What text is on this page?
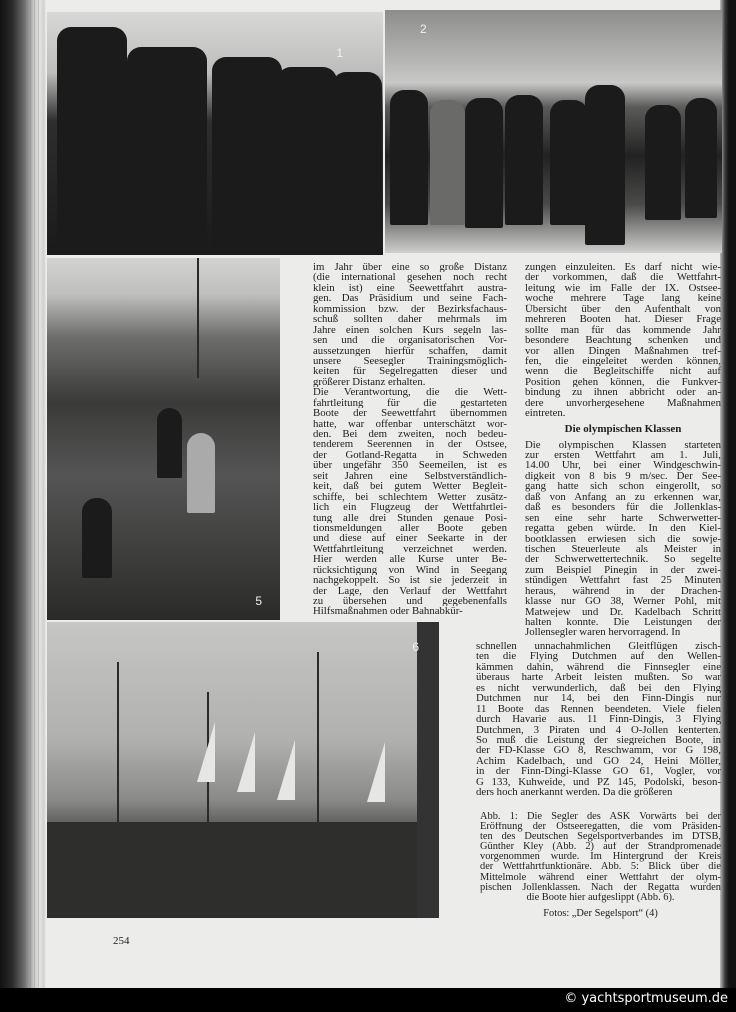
1
2
5
6
im Jahr über eine so große Distanz
(die international gesehen noch recht
klein ist) eine Seewettfahrt austra-
gen. Das Präsidium und seine Fach-
kommission bzw. der Bezirksfachaus-
schuß sollten daher mehrmals im
Jahre einen solchen Kurs segeln las-
sen und die organisatorischen Vor-
aussetzungen hierfür schaffen, damit
unsere Seesegler Trainingsmöglich-
keiten für Segelregatten dieser und
größerer Distanz erhalten.
Die Verantwortung, die die Wett-
fahrtleitung für die gestarteten
Boote der Seewettfahrt übernommen
hatte, war offenbar unterschätzt wor-
den. Bei dem zweiten, noch bedeu-
tenderem Seerennen in der Ostsee,
der Gotland-Regatta in Schweden
über ungefähr 350 Seemeilen, ist es
seit Jahren eine Selbstverständlich-
keit, daß bei gutem Wetter Begleit-
schiffe, bei schlechtem Wetter zusätz-
lich ein Flugzeug der Wettfahrtlei-
tung alle drei Stunden genaue Posi-
tionsmeldungen aller Boote geben
und diese auf einer Seekarte in der
Wettfahrtleitung verzeichnet werden.
Hier werden alle Kurse unter Be-
rücksichtigung von Wind in Seegang
nachgekoppelt. So ist sie jederzeit in
der Lage, den Verlauf der Wettfahrt
zu übersehen und gegebenenfalls
Hilfsmaßnahmen oder Bahnabkür-
zungen einzuleiten. Es darf nicht wie-
der vorkommen, daß die Wettfahrt-
leitung wie im Falle der IX. Ostsee-
woche mehrere Tage lang keine
Übersicht über den Aufenthalt von
mehreren Booten hat. Dieser Frage
sollte man für das kommende Jahr
besondere Beachtung schenken und
vor allen Dingen Maßnahmen tref-
fen, die eingeleitet werden können,
wenn die Begleitschiffe nicht auf
Position gehen können, die Funkver-
bindung zu ihnen abbricht oder an-
dere unvorhergesehene Maßnahmen
eintreten.
Die olympischen Klassen
Die olympischen Klassen starteten
zur ersten Wettfahrt am 1. Juli,
14.00 Uhr, bei einer Windgeschwin-
digkeit von 8 bis 9 m/sec. Der See-
gang hatte sich schon eingerollt, so
daß von Anfang an zu erkennen war,
daß es besonders für die Jollenklas-
sen eine sehr harte Schwerwetter-
regatta geben würde. In den Kiel-
bootklassen erwiesen sich die sowje-
tischen Steuerleute als Meister in
der Schwerwettertechnik. So segelte
zum Beispiel Pinegin in der zwei-
stündigen Wettfahrt fast 25 Minuten
heraus, während in der Drachen-
klasse nur GO 38, Werner Pohl, mit
Matwejew und Dr. Kadelbach Schritt
halten konnte. Die Leistungen der
Jollensegler waren hervorragend. In
schnellen unnachahmlichen Gleitflügen zisch-
ten die Flying Dutchmen auf den Wellen-
kämmen dahin, während die Finnsegler eine
überaus harte Arbeit leisten mußten. So war
es nicht verwunderlich, daß bei den Flying
Dutchmen nur 14, bei den Finn-Dingis nur
11 Boote das Rennen beendeten. Viele fielen
durch Havarie aus. 11 Finn-Dingis, 3 Flying
Dutchmen, 3 Piraten und 4 O-Jollen kenterten.
So muß die Leistung der siegreichen Boote, in
der FD-Klasse GO 8, Reschwamm, vor G 198,
Achim Kadelbach, und GO 24, Heini Möller,
in der Finn-Dingi-Klasse GO 61, Vogler, vor
G 133, Kuhweide, und PZ 145, Podolski, beson-
ders hoch anerkannt werden. Da die größeren
Abb. 1: Die Segler des ASK Vorwärts bei der
Eröffnung der Ostseeregatten, die vom Präsiden-
ten des Deutschen Segelsportverbandes im DTSB,
Günther Kley (Abb. 2) auf der Strandpromenade
vorgenommen wurde. Im Hintergrund der Kreis
der Wettfahrtfunktionäre. Abb. 5: Blick über die
Mittelmole während einer Wettfahrt der olym-
pischen Jollenklassen. Nach der Regatta wurden
die Boote hier aufgeslippt (Abb. 6).
Fotos: „Der Segelsport“ (4)
254
© yachtsportmuseum.de
